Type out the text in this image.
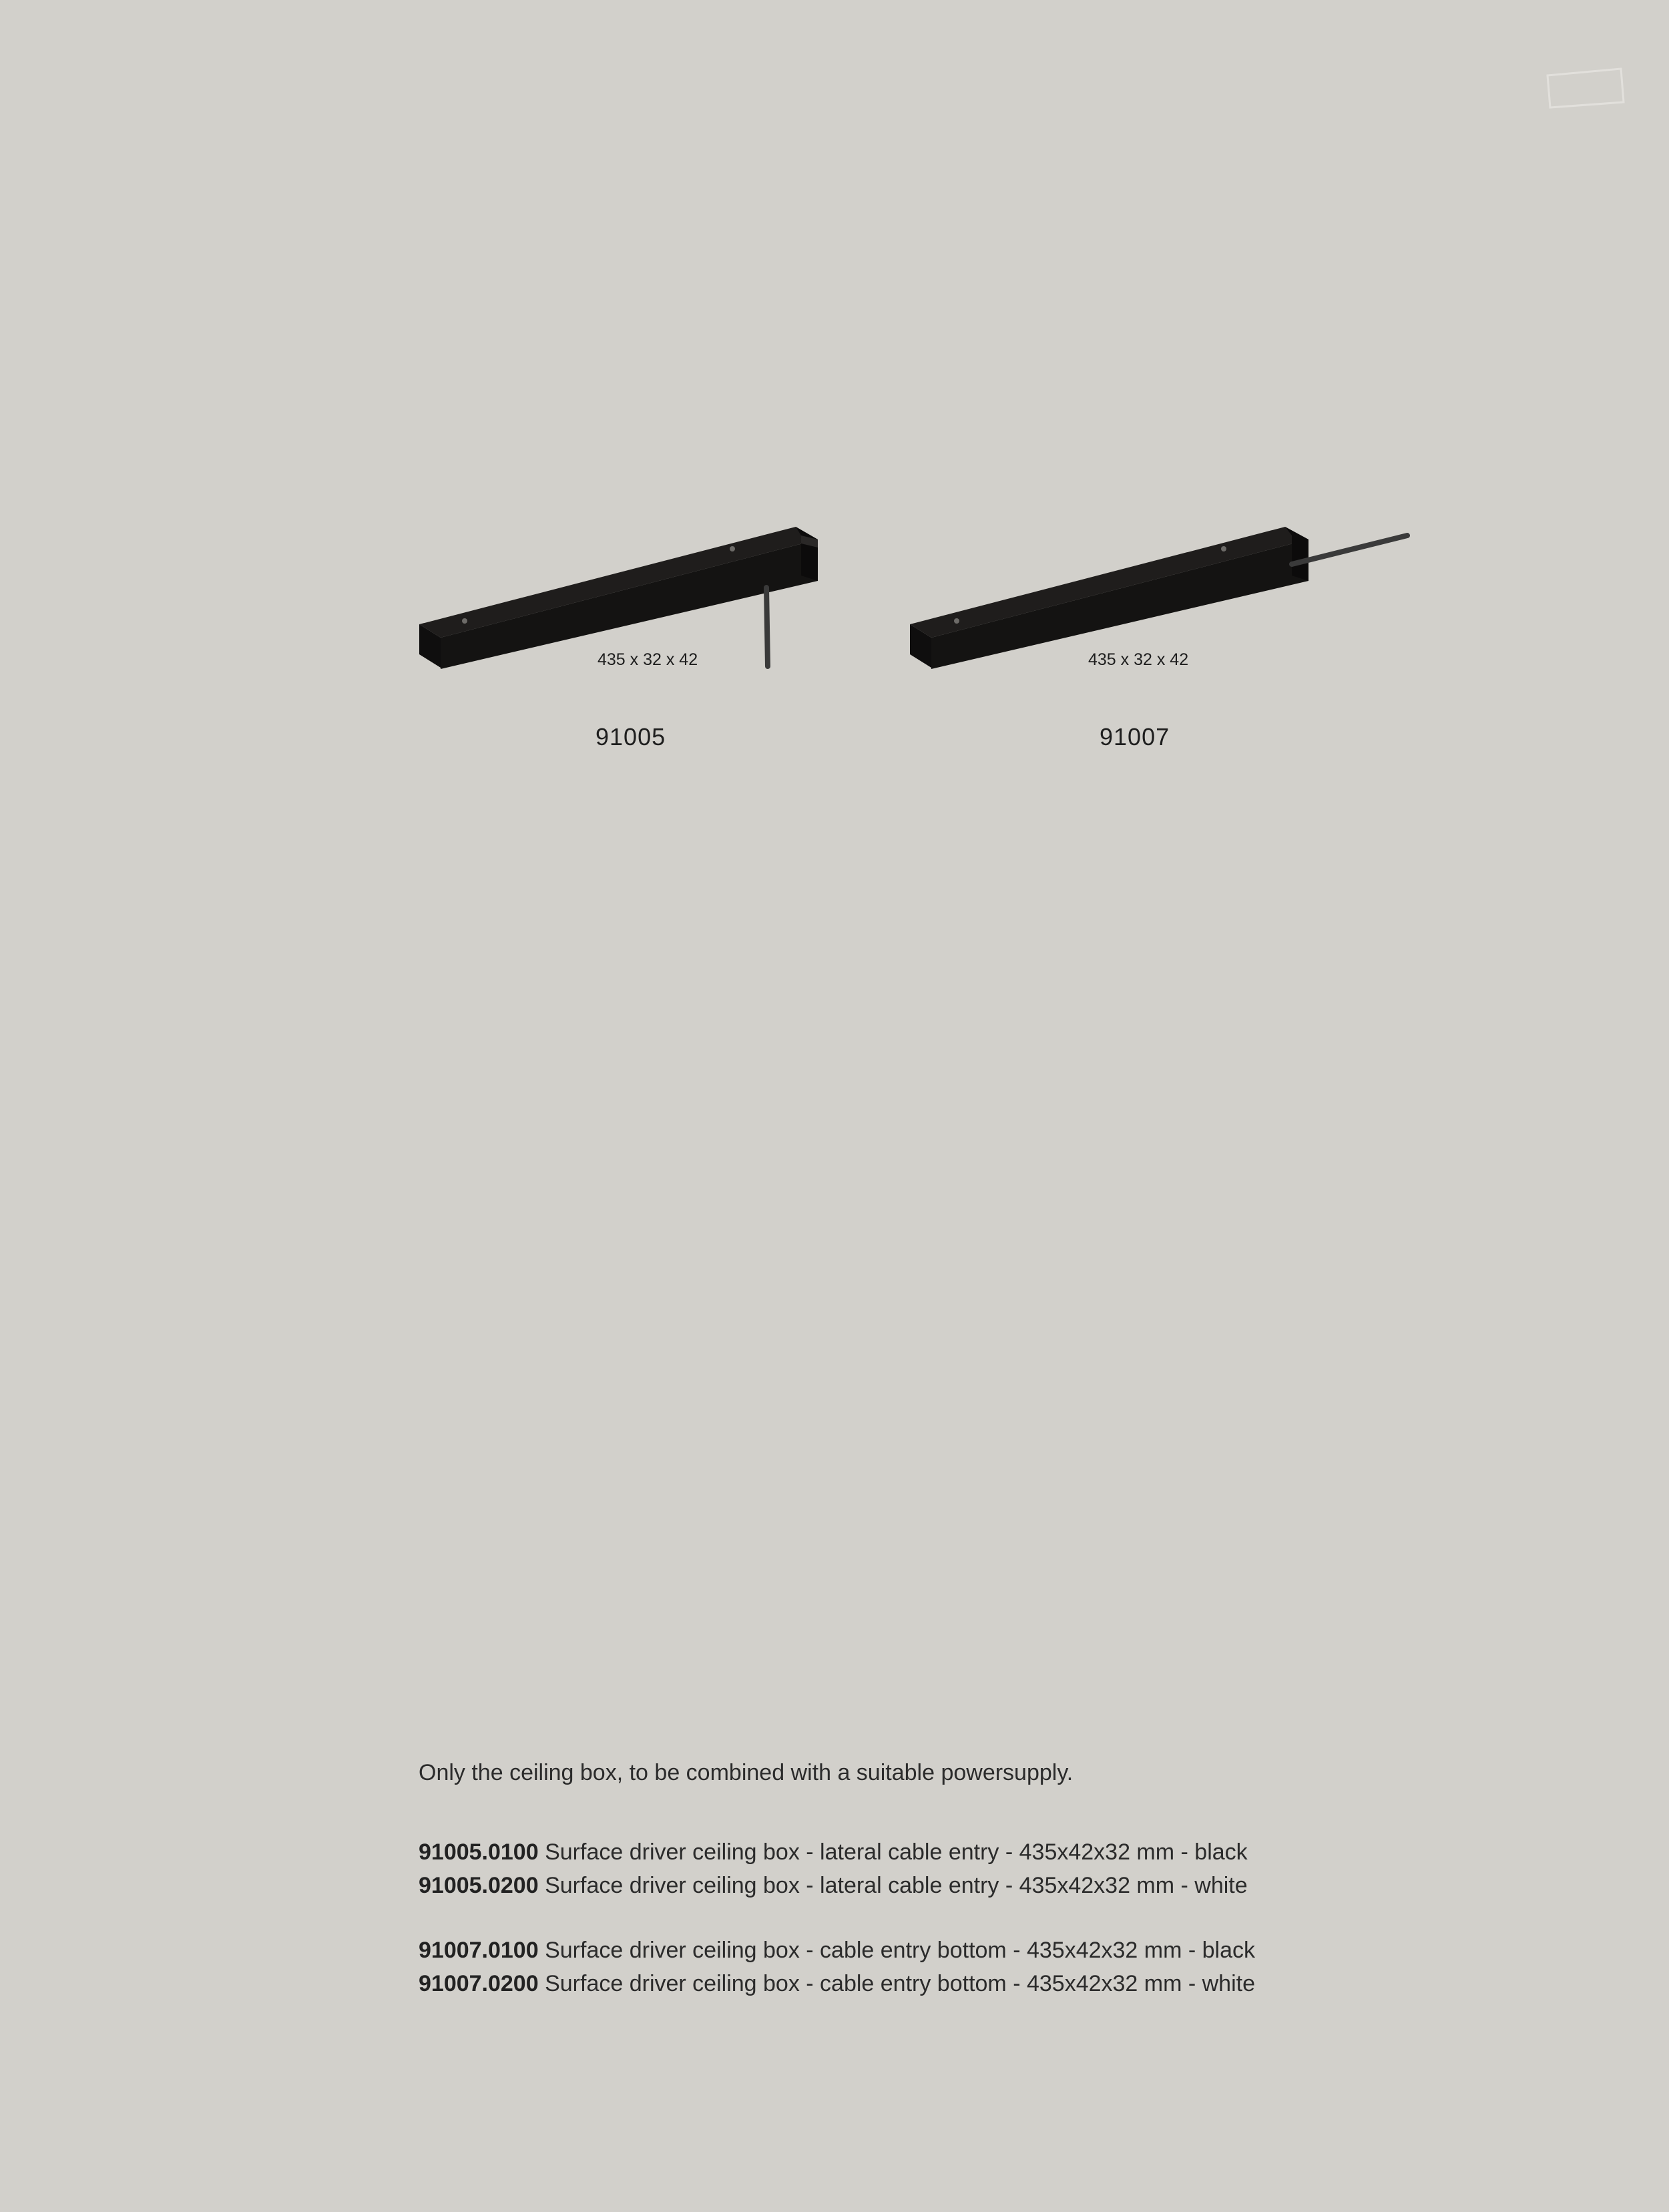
435 x 32 x 42
91005
435 x 32 x 42
91007
Only the ceiling box, to be combined with a suitable powersupply.
91005.0100 Surface driver ceiling box - lateral cable entry - 435x42x32 mm - black
91005.0200 Surface driver ceiling box - lateral cable entry - 435x42x32 mm - white
91007.0100 Surface driver ceiling box - cable entry bottom - 435x42x32 mm - black
91007.0200 Surface driver ceiling box - cable entry bottom - 435x42x32 mm - white
